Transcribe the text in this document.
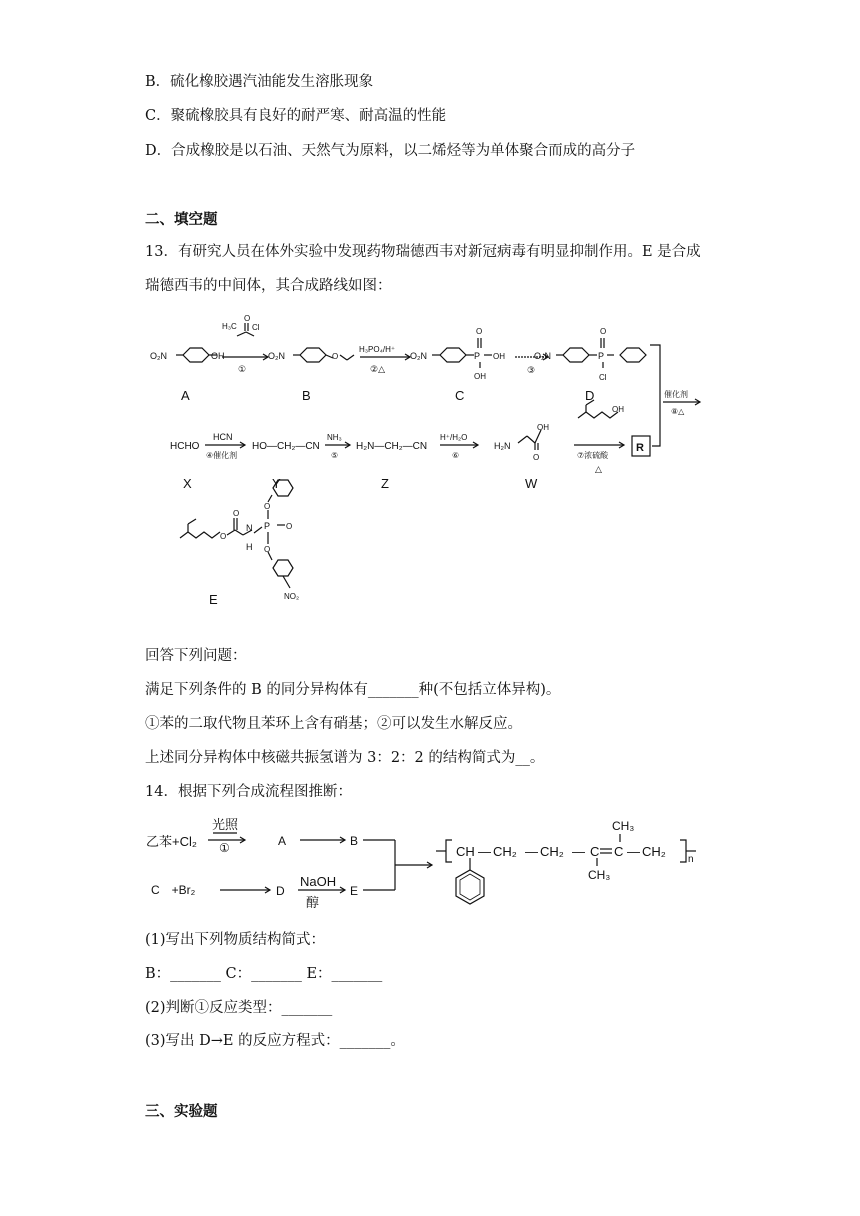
B．硫化橡胶遇汽油能发生溶胀现象
C．聚硫橡胶具有良好的耐严寒、耐高温的性能
D．合成橡胶是以石油、天然气为原料，以二烯烃等为单体聚合而成的高分子
二、填空题
13．有研究人员在体外实验中发现药物瑞德西韦对新冠病毒有明显抑制作用。E 是合成
瑞德西韦的中间体，其合成路线如图：
O₂N	OH
H₃C Cl
O
①
O₂N	O
H₃PO₄/H⁺
②△
O₂N	P OH
OH
O
③
O₂N	P
Cl
O
催化剂
⑧△
A	B	C	D
HCHO
HCN
④催化剂
HO—CH₂—CN
NH₃
⑤
H₂N—CH₂—CN
H⁺/H₂O
⑥
H₂N
OH
O
OH
⑦浓硫酸
△
R
X	Y	Z	W
O
O
N
H
P O
O
O
NO₂
E
回答下列问题：
满足下列条件的 B 的同分异构体有_______种(不包括立体异构)。
①苯的二取代物且苯环上含有硝基；②可以发生水解反应。
上述同分异构体中核磁共振氢谱为 3：2：2 的结构简式为__。
14．根据下列合成流程图推断：
乙苯+Cl₂
光照
①	A	B
C　+Br₂	D
NaOH
醇
E
CH — CH₂ — CH₂ — C C — CH₂
CH₃
CH₃
n
(1)写出下列物质结构简式：
B：_______ C：_______ E：_______
(2)判断①反应类型：_______
(3)写出 D→E 的反应方程式：_______。
三、实验题
